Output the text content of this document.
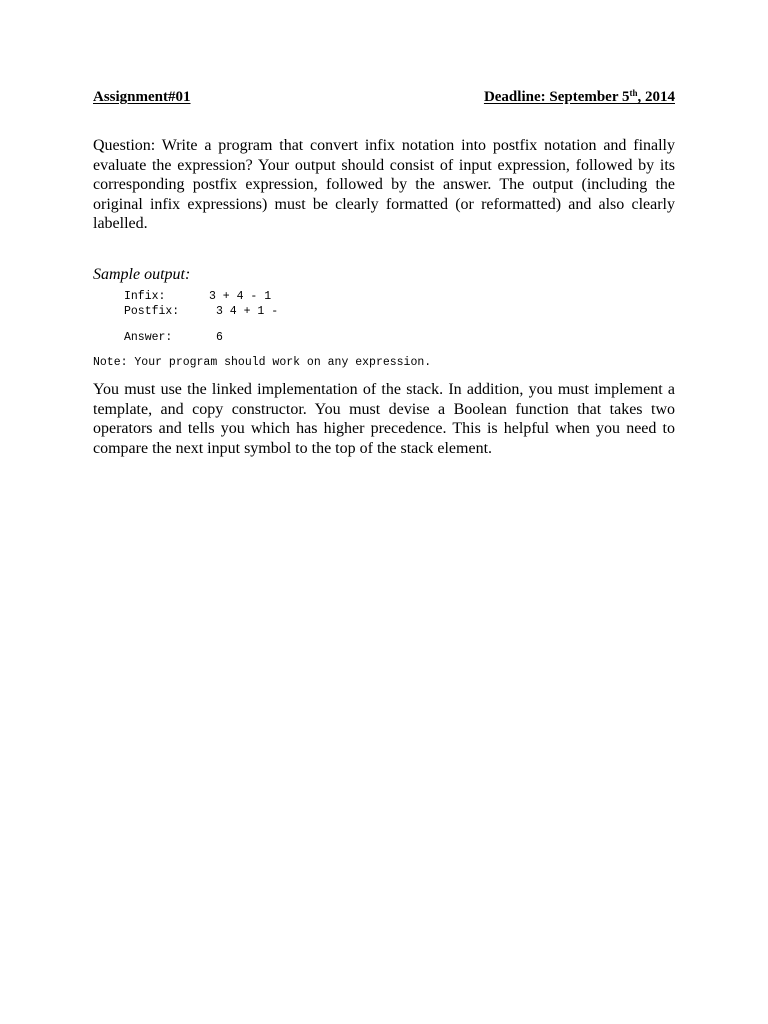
Assignment#01	Deadline: September 5th, 2014
Question: Write a program that convert infix notation into postfix notation and finally evaluate the expression? Your output should consist of input expression, followed by its corresponding postfix expression, followed by the answer. The output (including the original infix expressions) must be clearly formatted (or reformatted) and also clearly labelled.
Sample output:
Infix:	3 + 4 - 1
Postfix:	3 4 + 1 -
Answer:	6
Note: Your program should work on any expression.
You must use the linked implementation of the stack. In addition, you must implement a template, and copy constructor. You must devise a Boolean function that takes two operators and tells you which has higher precedence. This is helpful when you need to compare the next input symbol to the top of the stack element.
